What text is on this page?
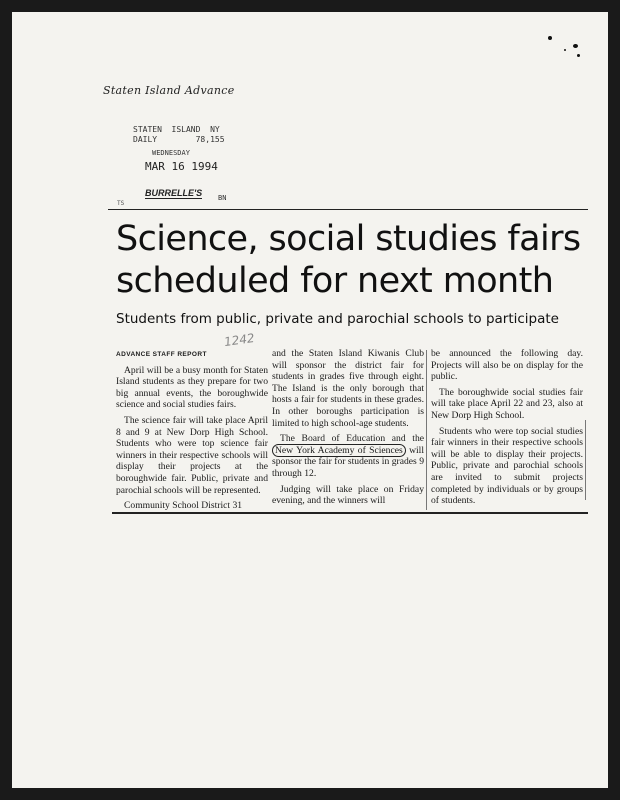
Staten Island Advance
STATEN  ISLAND  NY
DAILY        78,155
WEDNESDAY
MAR 16 1994
BURRELLE'S BN
TS
Science, social studies fairs scheduled for next month
Students from public, private and parochial schools to participate
1242

ADVANCE STAFF REPORT

April will be a busy month for Staten Island students as they prepare for two big annual events, the boroughwide science and social studies fairs.

The science fair will take place April 8 and 9 at New Dorp High School. Students who were top science fair winners in their respective schools will display their projects at the boroughwide fair. Public, private and parochial schools will be represented.

Community School District 31

and the Staten Island Kiwanis Club will sponsor the district fair for students in grades five through eight. The Island is the only borough that hosts a fair for students in these grades. In other boroughs participation is limited to high school-age students.

The Board of Education and the New York Academy of Sciences will sponsor the fair for students in grades 9 through 12.

Judging will take place on Friday evening, and the winners will

be announced the following day. Projects will also be on display for the public.

The boroughwide social studies fair will take place April 22 and 23, also at New Dorp High School.

Students who were top social studies fair winners in their respective schools will be able to display their projects. Public, private and parochial schools are invited to submit projects completed by individuals or by groups of students.
